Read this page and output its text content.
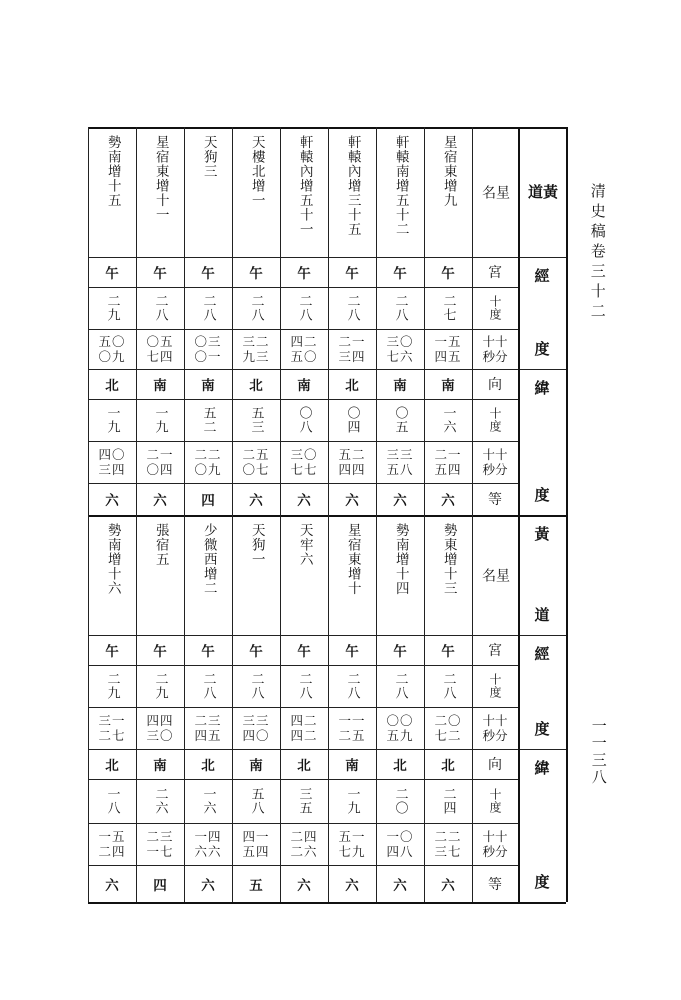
清史稿卷三十二
一一三八
星
名	黃
道
星宿東增九
午
二七
一五四五
南
一六
二一五四
六
軒轅南增五十二
午
二八
三〇七六
南
〇五
三三五八
六
軒轅內增三十五
午
二八
二一三四
北
〇四
五二四四
六
軒轅內增五十一
午
二八
四二五〇
南
〇八
三〇七七
六
天樓北增一
午
二八
三二九三
北
五三
二五〇七
六
天狗三
午
二八
〇三〇一
南
五二
二二〇九
四
星宿東增十一
午
二八
〇五七四
南
一九
二一〇四
六
勢南增十五
午
二九
五〇〇九
北
一九
四〇三四
六
勢東增十三
午
二八
二〇七二
北
二四
二二三七
六
勢南增十四
午
二八
〇〇五九
北
二〇
一〇四八
六
星宿東增十
午
二八
一一二五
南
一九
五一七九
六
天牢六
午
二八
四二四二
北
三五
二四二六
六
天狗一
午
二八
三三四〇
南
五八
四一五四
五
少微西增二
午
二八
二三四五
北
一六
一四六六
六
張宿五
午
二九
四四三〇
南
二六
二三一七
四
勢南增十六
午
二九
三一二七
北
一八
一五二四
六
宮
十度
十十秒分
向
十度
十十秒分
等
宮
十度
十十秒分
向
十度
十十秒分
等
星
名
經
度
緯
度
黃
道
經
度
緯
度
